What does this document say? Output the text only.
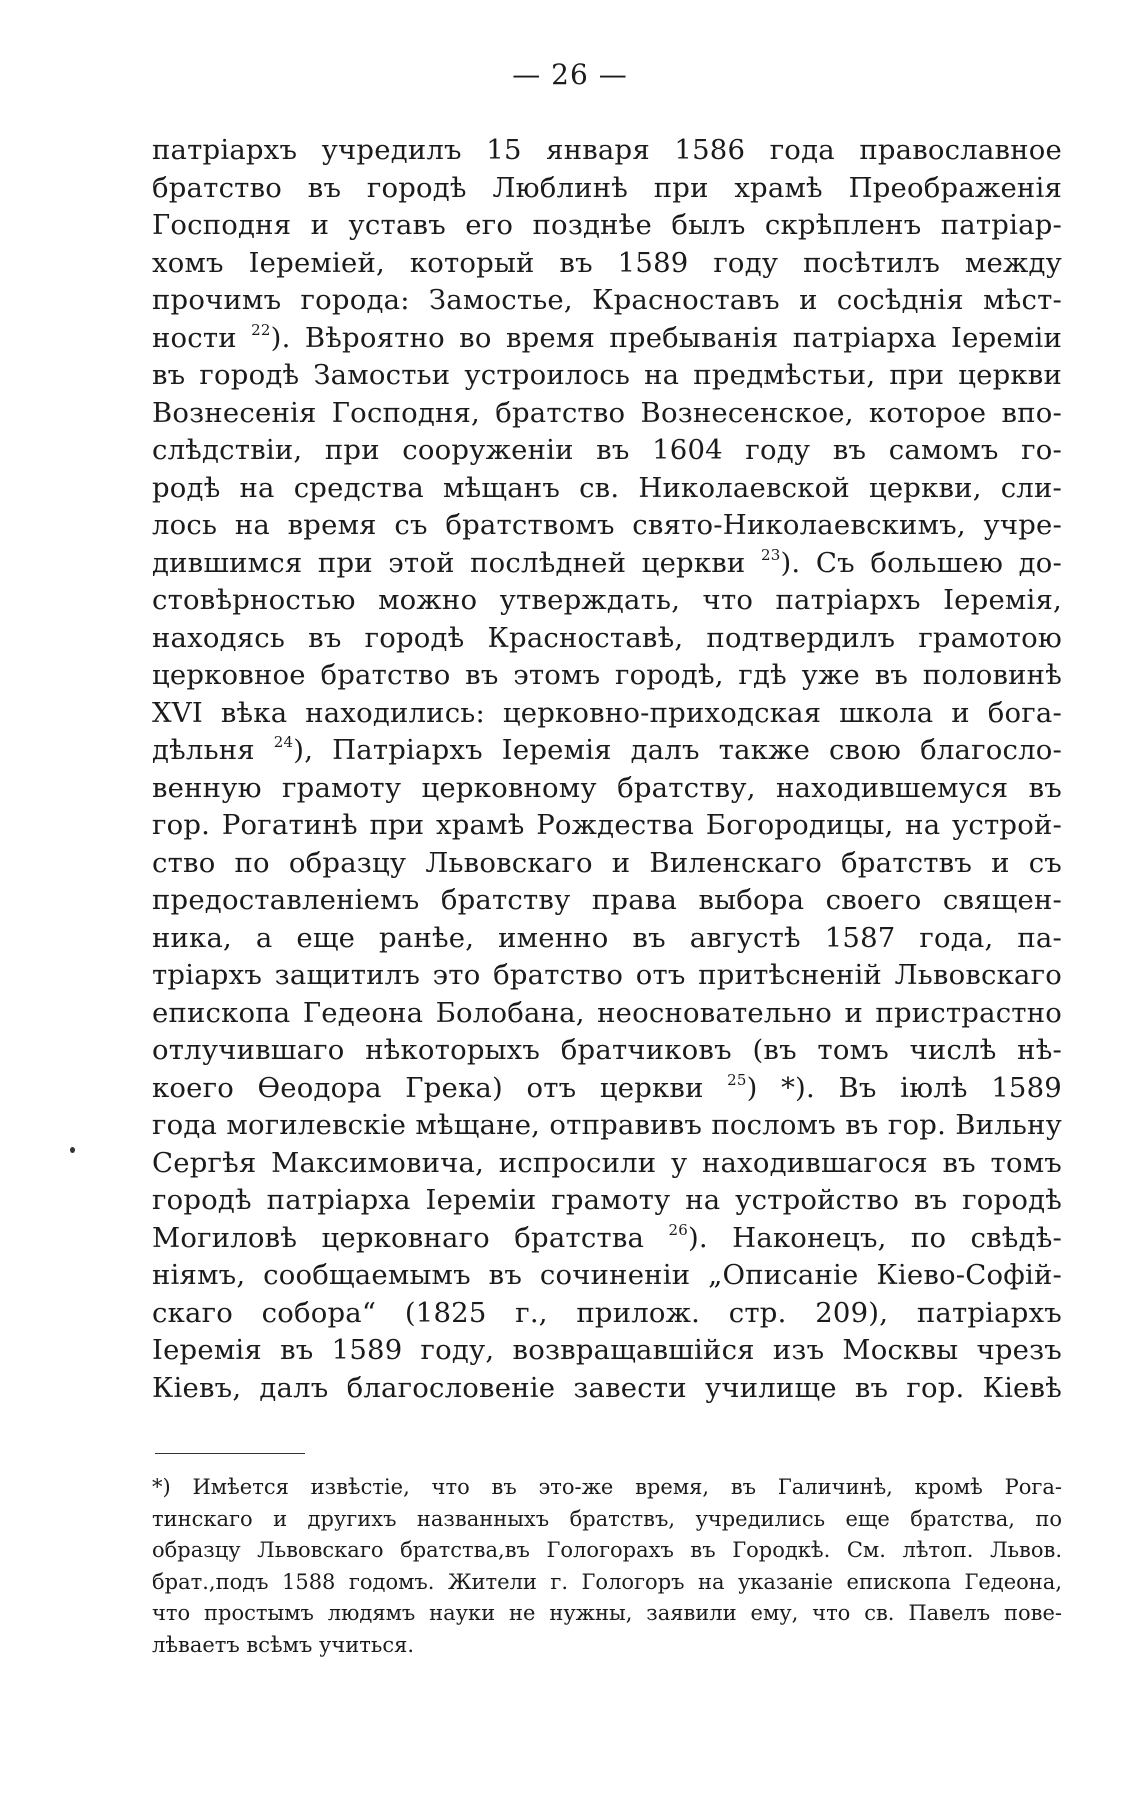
— 26 —
патріархъ учредилъ 15 января 1586 года православное
братство въ городѣ Люблинѣ при храмѣ Преображенія
Господня и уставъ его позднѣе былъ скрѣпленъ патріар-
хомъ Іереміей, который въ 1589 году посѣтилъ между
прочимъ города: Замостье, Красноставъ и сосѣднія мѣст-
ности $^{22}$). Вѣроятно во время пребыванія патріарха Іереміи
въ городѣ Замостьи устроилось на предмѣстьи, при церкви
Вознесенія Господня, братство Вознесенское, которое впо-
слѣдствіи, при сооруженіи въ 1604 году въ самомъ го-
родѣ на средства мѣщанъ св. Николаевской церкви, сли-
лось на время съ братствомъ свято-Николаевскимъ, учре-
дившимся при этой послѣдней церкви $^{23}$). Съ большею до-
стовѣрностью можно утверждать, что патріархъ Іеремія,
находясь въ городѣ Красноставѣ, подтвердилъ грамотою
церковное братство въ этомъ городѣ, гдѣ уже въ половинѣ
XVI вѣка находились: церковно-приходская школа и бога-
дѣльня $^{24}$), Патріархъ Іеремія далъ также свою благосло-
венную грамоту церковному братству, находившемуся въ
гор. Рогатинѣ при храмѣ Рождества Богородицы, на устрой-
ство по образцу Львовскаго и Виленскаго братствъ и съ
предоставленіемъ братству права выбора своего священ-
ника, а еще ранѣе, именно въ августѣ 1587 года, па-
тріархъ защитилъ это братство отъ притѣсненій Львовскаго
епископа Гедеона Болобана, неосновательно и пристрастно
отлучившаго нѣкоторыхъ братчиковъ (въ томъ числѣ нѣ-
коего Өеодора Грека) отъ церкви $^{25}$) *). Въ іюлѣ 1589
года могилевскіе мѣщане, отправивъ посломъ въ гор. Вильну
Сергѣя Максимовича, испросили у находившагося въ томъ
городѣ патріарха Іереміи грамоту на устройство въ городѣ
Могиловѣ церковнаго братства $^{26}$). Наконецъ, по свѣдѣ-
ніямъ, сообщаемымъ въ сочиненіи „Описаніе Кіево-Софій-
скаго собора“ (1825 г., прилож. стр. 209), патріархъ
Іеремія въ 1589 году, возвращавшійся изъ Москвы чрезъ
Кіевъ, далъ благословеніе завести училище въ гор. Кіевѣ
*) Имѣется извѣстіе, что въ это-же время, въ Галичинѣ, кромѣ Рога-
тинскаго и другихъ названныхъ братствъ, учредились еще братства, по
образцу Львовскаго братства,въ Гологорахъ въ Городкѣ. См. лѣтоп. Львов.
брат.,подъ 1588 годомъ. Жители г. Гологоръ на указаніе епископа Гедеона,
что простымъ людямъ науки не нужны, заявили ему, что св. Павелъ пове-
лѣваетъ всѣмъ учиться.
